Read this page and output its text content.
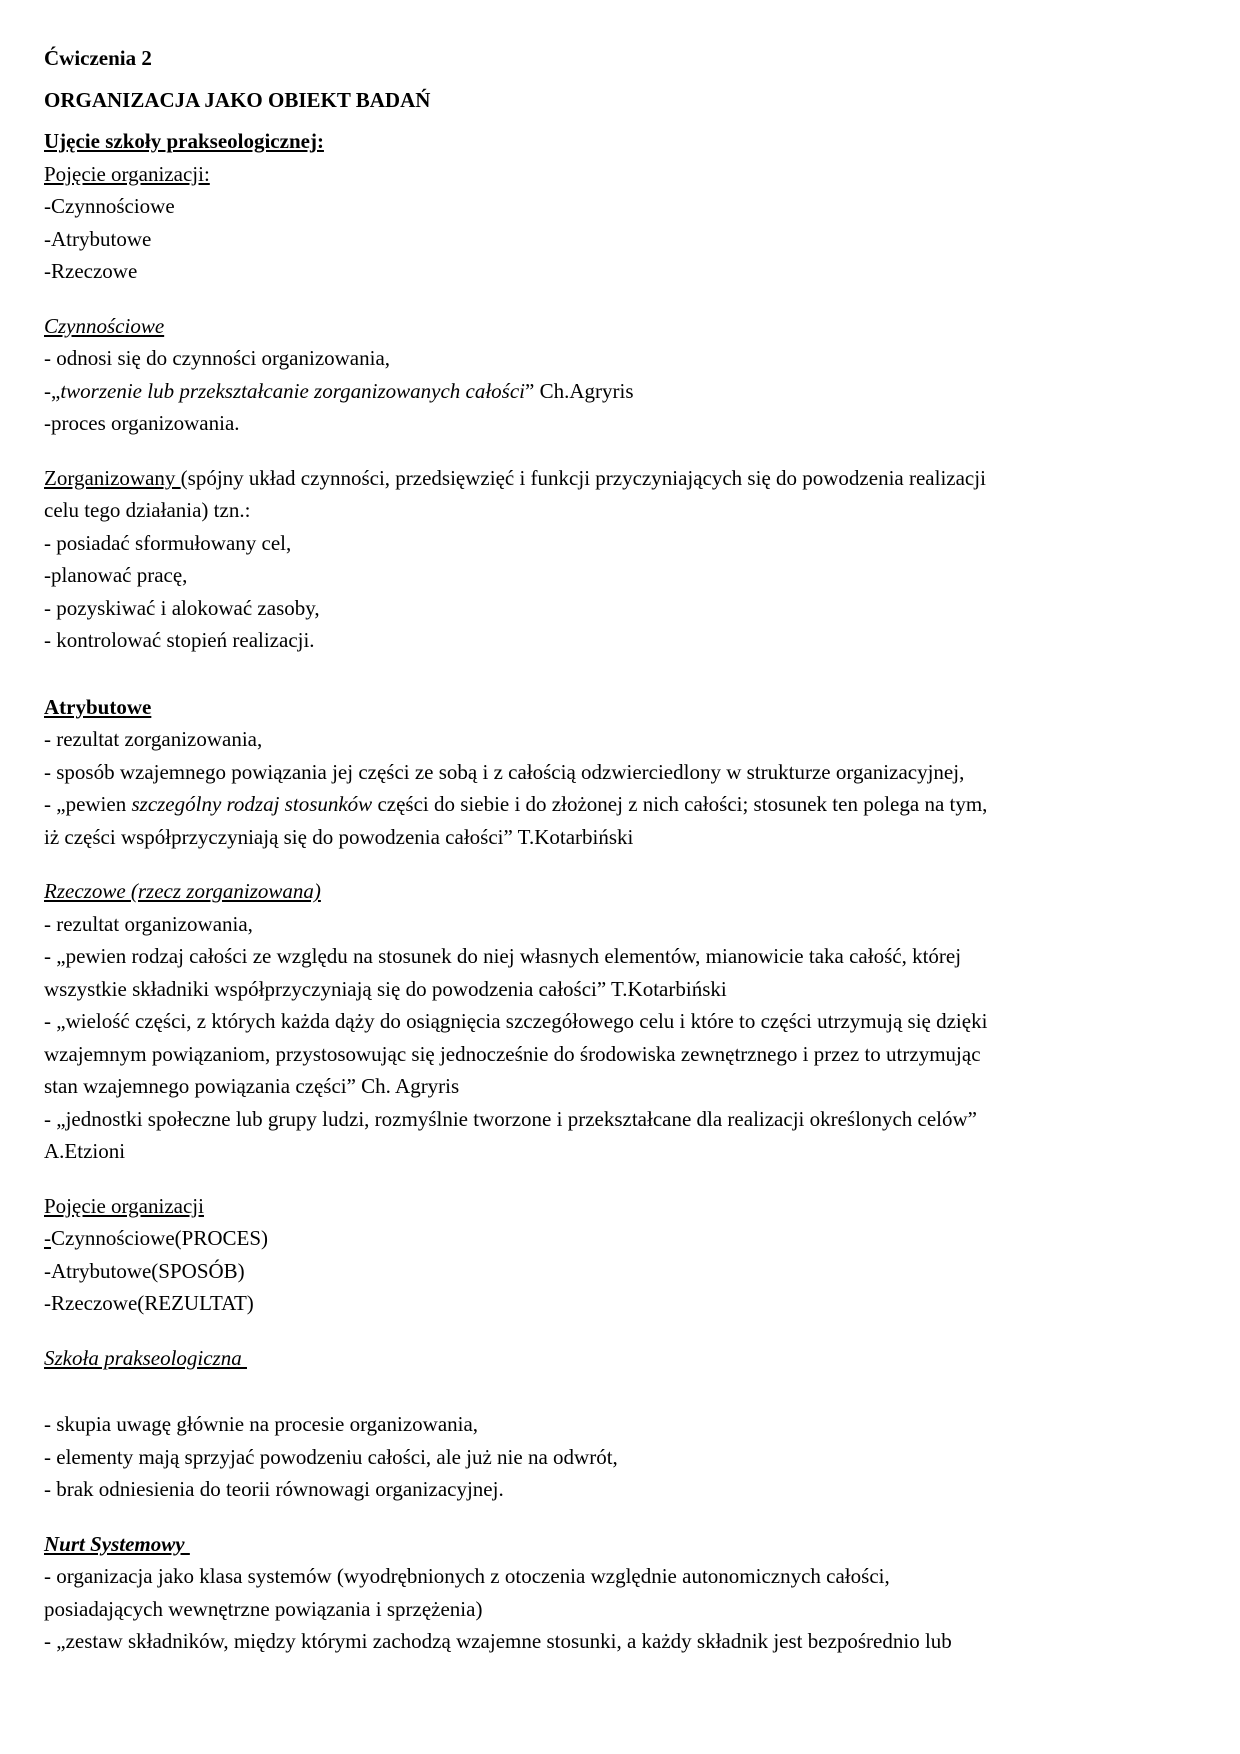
Ćwiczenia 2
ORGANIZACJA JAKO OBIEKT BADAŃ
Ujęcie szkoły prakseologicznej:
Pojęcie organizacji:
-Czynnościowe
-Atrybutowe
-Rzeczowe
Czynnościowe
- odnosi się do czynności organizowania,
-„tworzenie lub przekształcanie zorganizowanych całości” Ch.Agryris
-proces organizowania.
Zorganizowany (spójny układ czynności, przedsięwzięć i funkcji przyczyniających się do powodzenia realizacji
celu tego działania) tzn.:
- posiadać sformułowany cel,
-planować pracę,
- pozyskiwać i alokować zasoby,
- kontrolować stopień realizacji.
Atrybutowe
- rezultat zorganizowania,
- sposób wzajemnego powiązania jej części ze sobą i z całością odzwierciedlony w strukturze organizacyjnej,
- „pewien szczególny rodzaj stosunków części do siebie i do złożonej z nich całości; stosunek ten polega na tym,
iż części współprzyczyniają się do powodzenia całości” T.Kotarbiński
Rzeczowe (rzecz zorganizowana)
- rezultat organizowania,
- „pewien rodzaj całości ze względu na stosunek do niej własnych elementów, mianowicie taka całość, której
wszystkie składniki współprzyczyniają się do powodzenia całości” T.Kotarbiński
- „wielość części, z których każda dąży do osiągnięcia szczegółowego celu i które to części utrzymują się dzięki
wzajemnym powiązaniom, przystosowując się jednocześnie do środowiska zewnętrznego i przez to utrzymując
stan wzajemnego powiązania części” Ch. Agryris
- „jednostki społeczne lub grupy ludzi, rozmyślnie tworzone i przekształcane dla realizacji określonych celów”
A.Etzioni
Pojęcie organizacji
-Czynnościowe(PROCES)
-Atrybutowe(SPOSÓB)
-Rzeczowe(REZULTAT)
Szkoła prakseologiczna
- skupia uwagę głównie na procesie organizowania,
- elementy mają sprzyjać powodzeniu całości, ale już nie na odwrót,
- brak odniesienia do teorii równowagi organizacyjnej.
Nurt Systemowy
- organizacja jako klasa systemów (wyodrębnionych z otoczenia względnie autonomicznych całości,
posiadających wewnętrzne powiązania i sprzężenia)
- „zestaw składników, między którymi zachodzą wzajemne stosunki, a każdy składnik jest bezpośrednio lub
